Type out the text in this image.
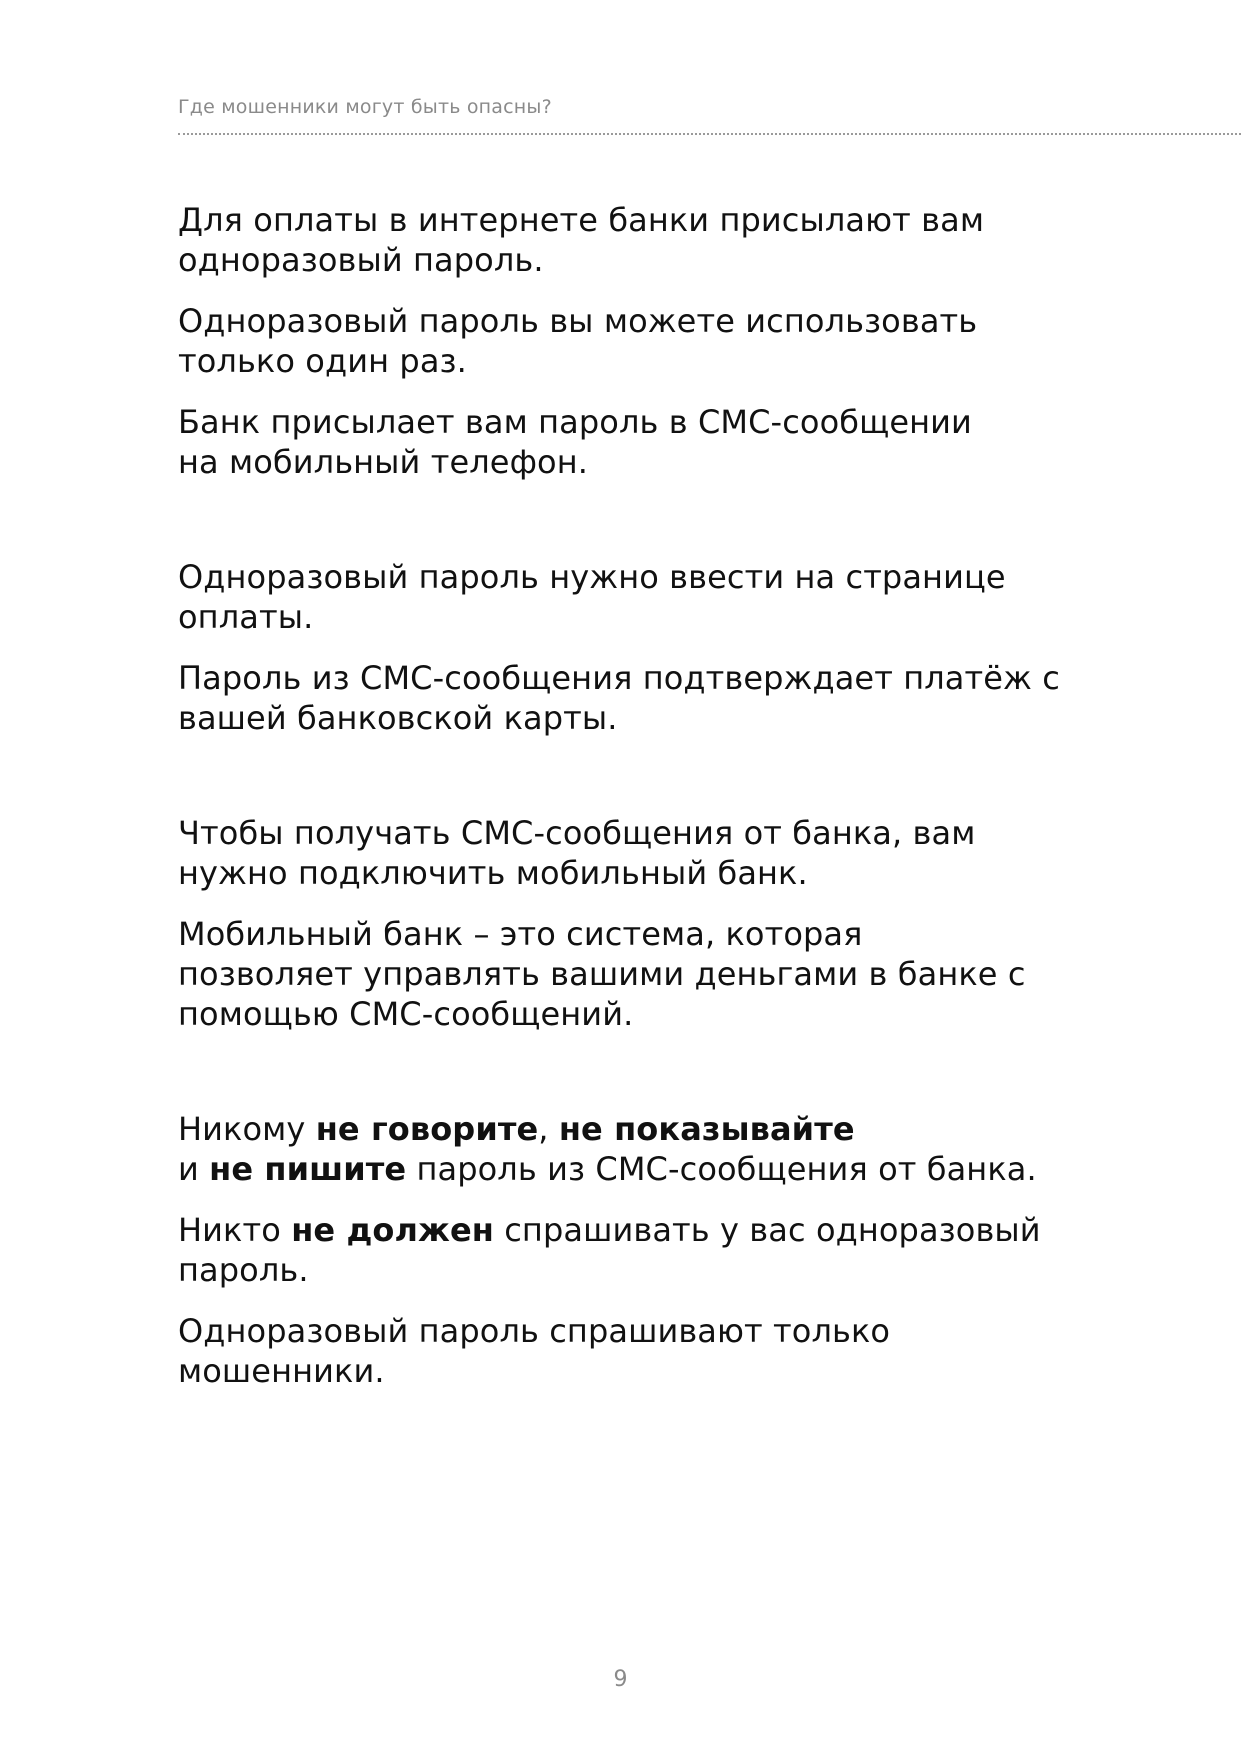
Где мошенники могут быть опасны?

Для оплаты в интернете банки присылают вам одноразовый пароль.

Одноразовый пароль вы можете использовать только один раз.

Банк присылает вам пароль в СМС-сообщении
на мобильный телефон.

Одноразовый пароль нужно ввести на странице оплаты.

Пароль из СМС-сообщения подтверждает платёж с вашей банковской карты.

Чтобы получать СМС-сообщения от банка, вам нужно подключить мобильный банк.

Мобильный банк – это система, которая
позволяет управлять вашими деньгами в банке с
помощью СМС-сообщений.

Никому не говорите, не показывайте
и не пишите пароль из СМС-сообщения от банка.

Никто не должен спрашивать у вас одноразовый пароль.

Одноразовый пароль спрашивают только мошенники.

9
